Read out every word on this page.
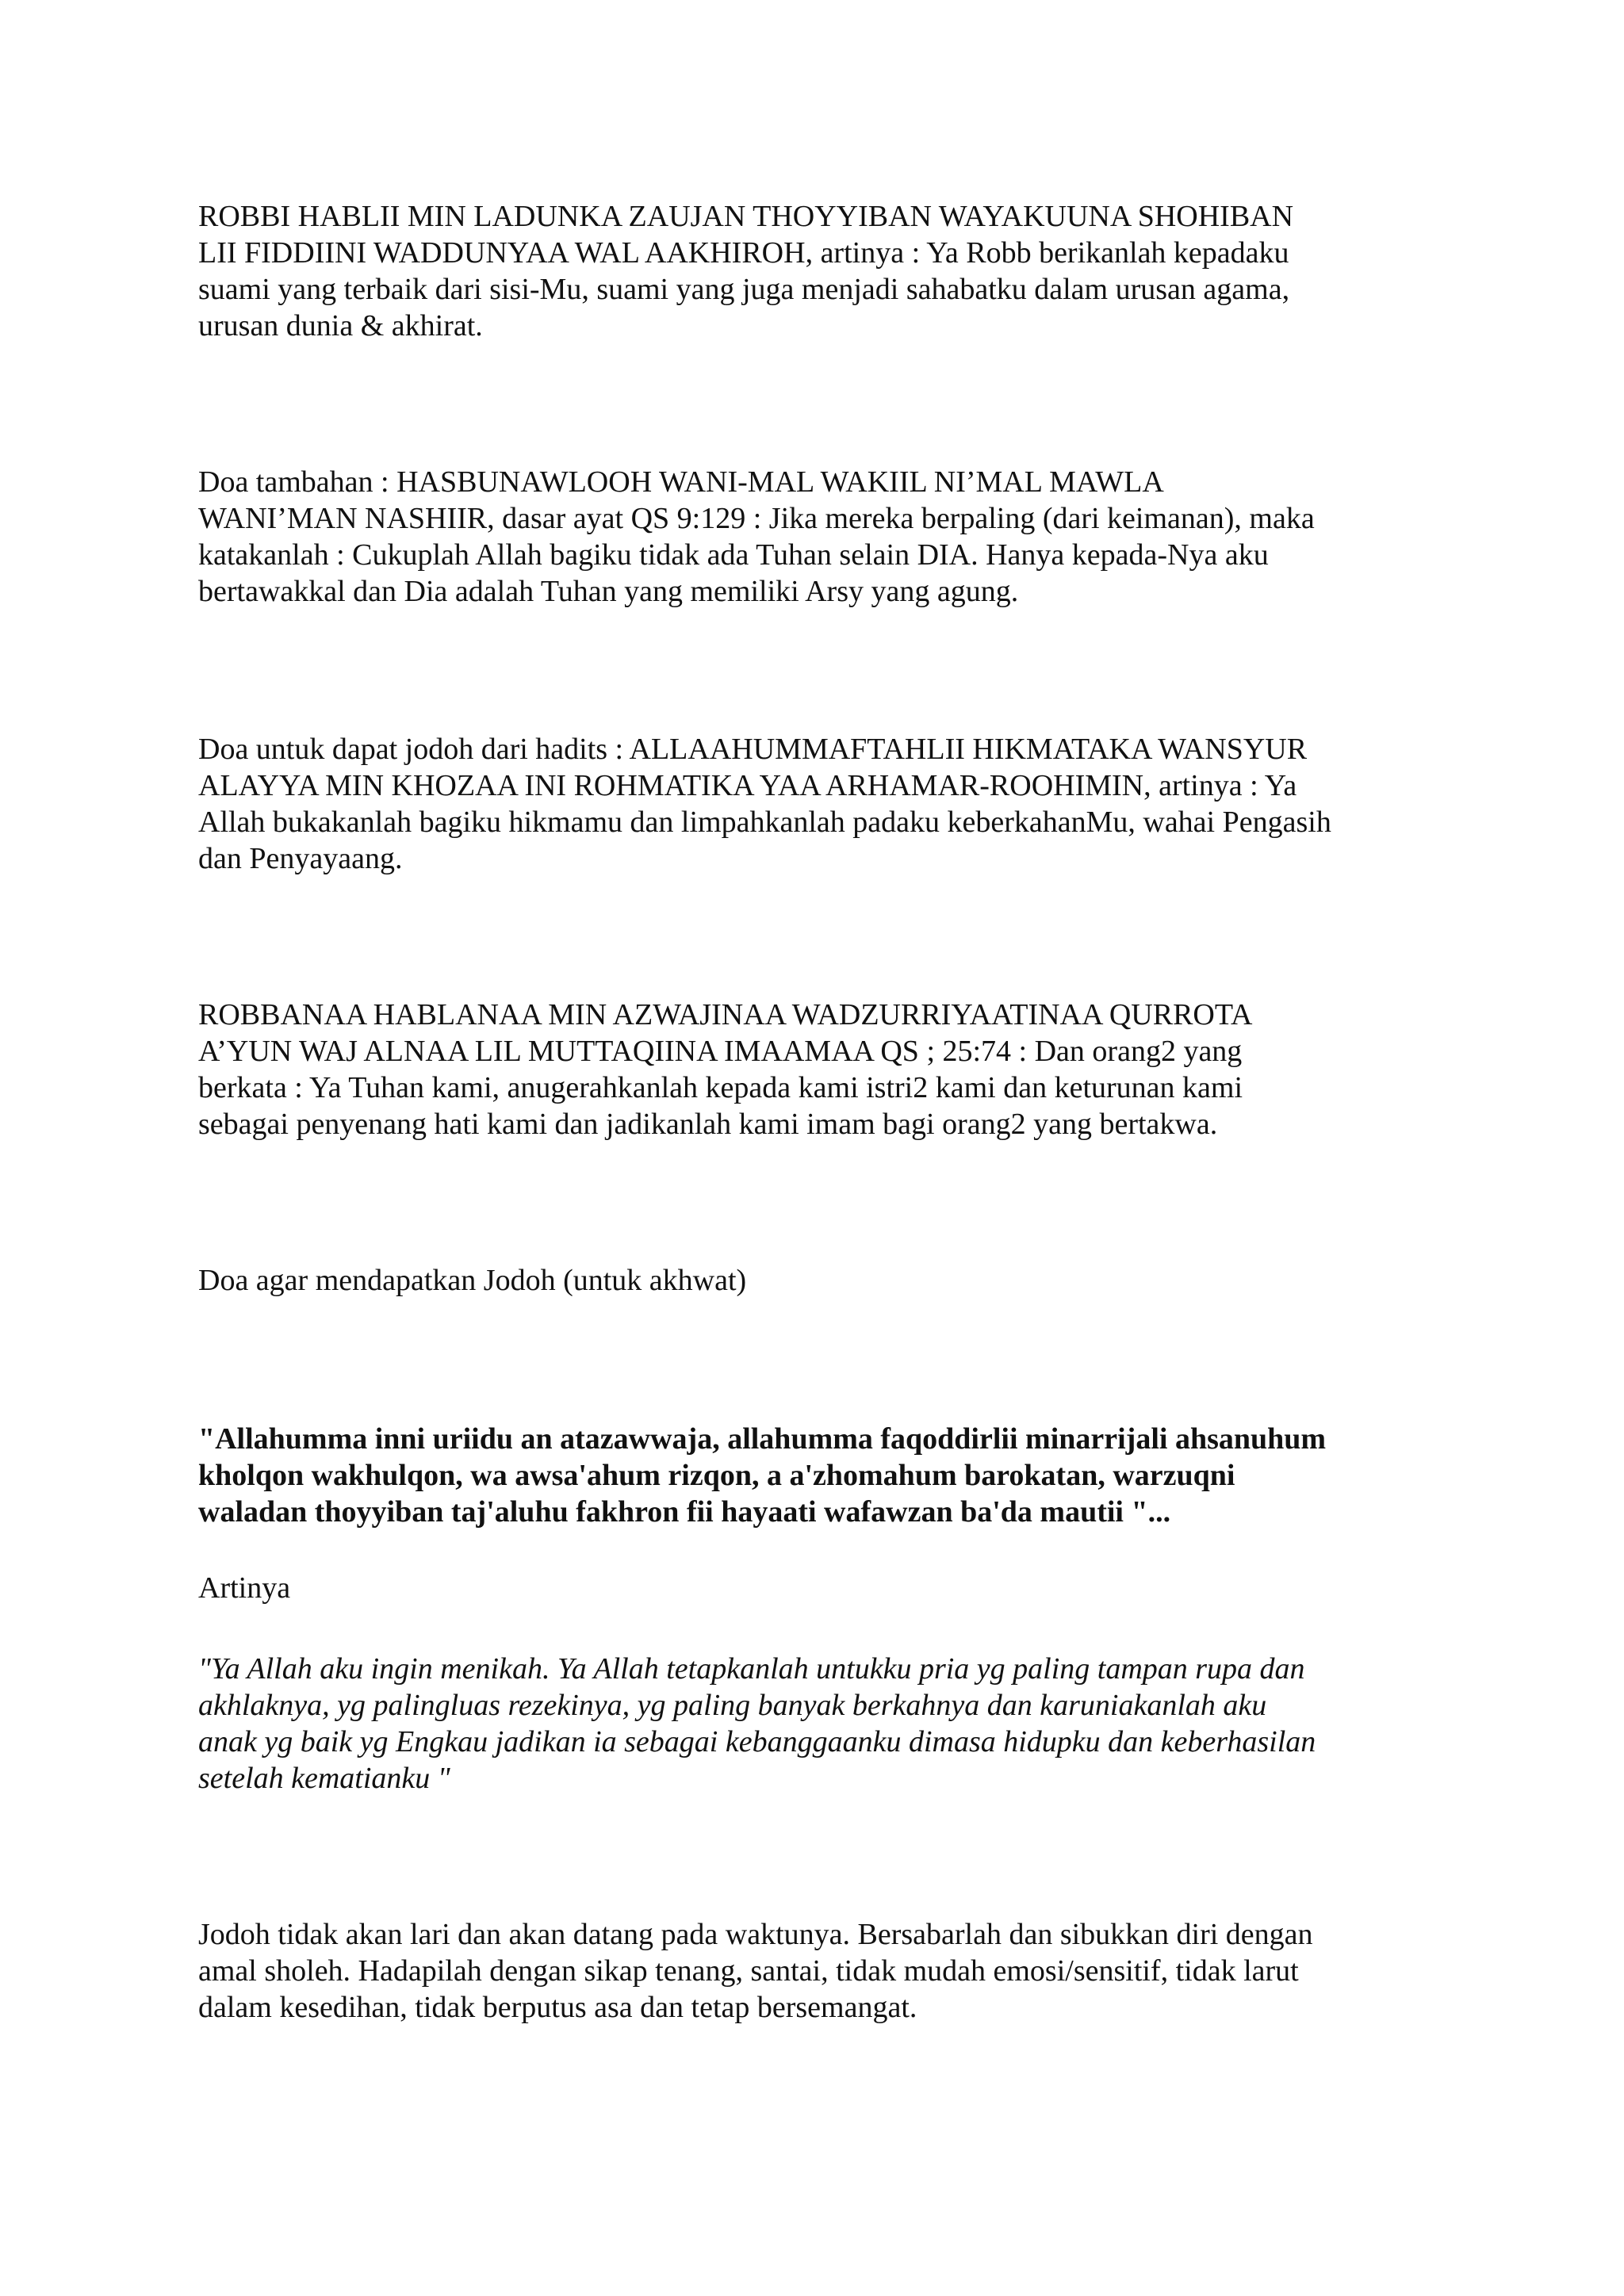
ROBBI HABLII MIN LADUNKA ZAUJAN THOYYIBAN WAYAKUUNA SHOHIBAN
LII FIDDIINI WADDUNYAA WAL AAKHIROH, artinya : Ya Robb berikanlah kepadaku
suami yang terbaik dari sisi-Mu, suami yang juga menjadi sahabatku dalam urusan agama,
urusan dunia & akhirat.

Doa tambahan : HASBUNAWLOOH WANI-MAL WAKIIL NI’MAL MAWLA
WANI’MAN NASHIIR, dasar ayat QS 9:129 : Jika mereka berpaling (dari keimanan), maka
katakanlah : Cukuplah Allah bagiku tidak ada Tuhan selain DIA. Hanya kepada-Nya aku
bertawakkal dan Dia adalah Tuhan yang memiliki Arsy yang agung.

Doa untuk dapat jodoh dari hadits : ALLAAHUMMAFTAHLII HIKMATAKA WANSYUR
ALAYYA MIN KHOZAA INI ROHMATIKA YAA ARHAMAR-ROOHIMIN, artinya : Ya
Allah bukakanlah bagiku hikmamu dan limpahkanlah padaku keberkahanMu, wahai Pengasih
dan Penyayaang.

ROBBANAA HABLANAA MIN AZWAJINAA WADZURRIYAATINAA QURROTA
A’YUN WAJ ALNAA LIL MUTTAQIINA IMAAMAA QS ; 25:74 : Dan orang2 yang
berkata : Ya Tuhan kami, anugerahkanlah kepada kami istri2 kami dan keturunan kami
sebagai penyenang hati kami dan jadikanlah kami imam bagi orang2 yang bertakwa.

Doa agar mendapatkan Jodoh (untuk akhwat)

"Allahumma inni uriidu an atazawwaja, allahumma faqoddirlii minarrijali ahsanuhum
kholqon wakhulqon, wa awsa'ahum rizqon, a a'zhomahum barokatan, warzuqni
waladan thoyyiban taj'aluhu fakhron fii hayaati wafawzan ba'da mautii "...

Artinya

"Ya Allah aku ingin menikah. Ya Allah tetapkanlah untukku pria yg paling tampan rupa dan
akhlaknya, yg palingluas rezekinya, yg paling banyak berkahnya dan karuniakanlah aku
anak yg baik yg Engkau jadikan ia sebagai kebanggaanku dimasa hidupku dan keberhasilan
setelah kematianku "

Jodoh tidak akan lari dan akan datang pada waktunya. Bersabarlah dan sibukkan diri dengan
amal sholeh. Hadapilah dengan sikap tenang, santai, tidak mudah emosi/sensitif, tidak larut
dalam kesedihan, tidak berputus asa dan tetap bersemangat.
